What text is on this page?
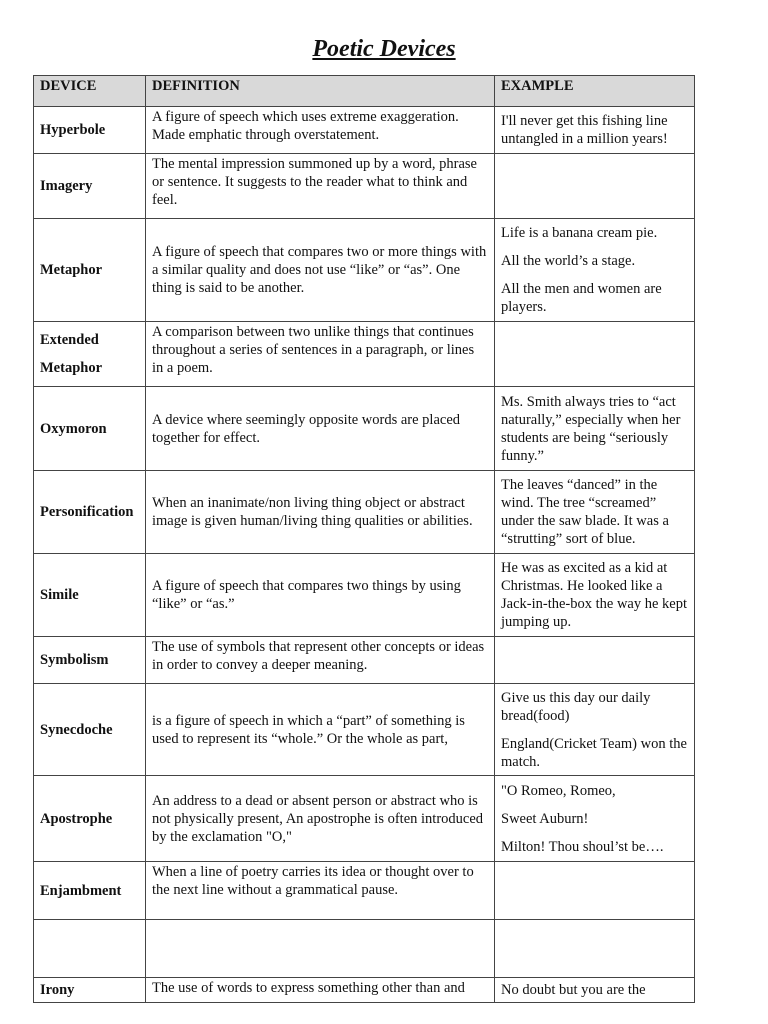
Poetic Devices
DEVICE	DEFINITION	EXAMPLE
Hyperbole	A figure of speech which uses extreme exaggeration. Made emphatic through overstatement.	I'll never get this fishing line untangled in a million years!

Imagery	The mental impression summoned up by a word, phrase or sentence. It suggests to the reader what to think and feel.	
Metaphor	A figure of speech that compares two or more things with a similar quality and does not use “like” or “as”. One thing is said to be another.	Life is a banana cream pie.

All the world’s a stage.

All the men and women are players.

Extended
Metaphor	A comparison between two unlike things that continues throughout a series of sentences in a paragraph, or lines in a poem.	
Oxymoron	A device where seemingly opposite words are placed together for effect.	Ms. Smith always tries to “act naturally,” especially when her students are being “seriously funny.”

Personification	When an inanimate/non living thing object or abstract image is given human/living thing qualities or abilities.	The leaves “danced” in the wind. The tree “screamed” under the saw blade. It was a “strutting” sort of blue.

Simile	A figure of speech that compares two things by using “like” or “as.”	He was as excited as a kid at Christmas. He looked like a Jack-in-the-box the way he kept jumping up.

Symbolism	The use of symbols that represent other concepts or ideas in order to convey a deeper meaning.	
Synecdoche	is a figure of speech in which a “part” of something is used to represent its “whole.” Or the whole as part,	Give us this day our daily bread(food)

England(Cricket Team) won the match.

Apostrophe	An address to a dead or absent person or abstract who is not physically present, An apostrophe is often introduced by the exclamation "O,"	"O Romeo, Romeo,

Sweet Auburn!

Milton! Thou shoul’st be….

Enjambment	When a line of poetry carries its idea or thought over to the next line without a grammatical pause.	

Irony	The use of words to express something other than and	No doubt but you are the
